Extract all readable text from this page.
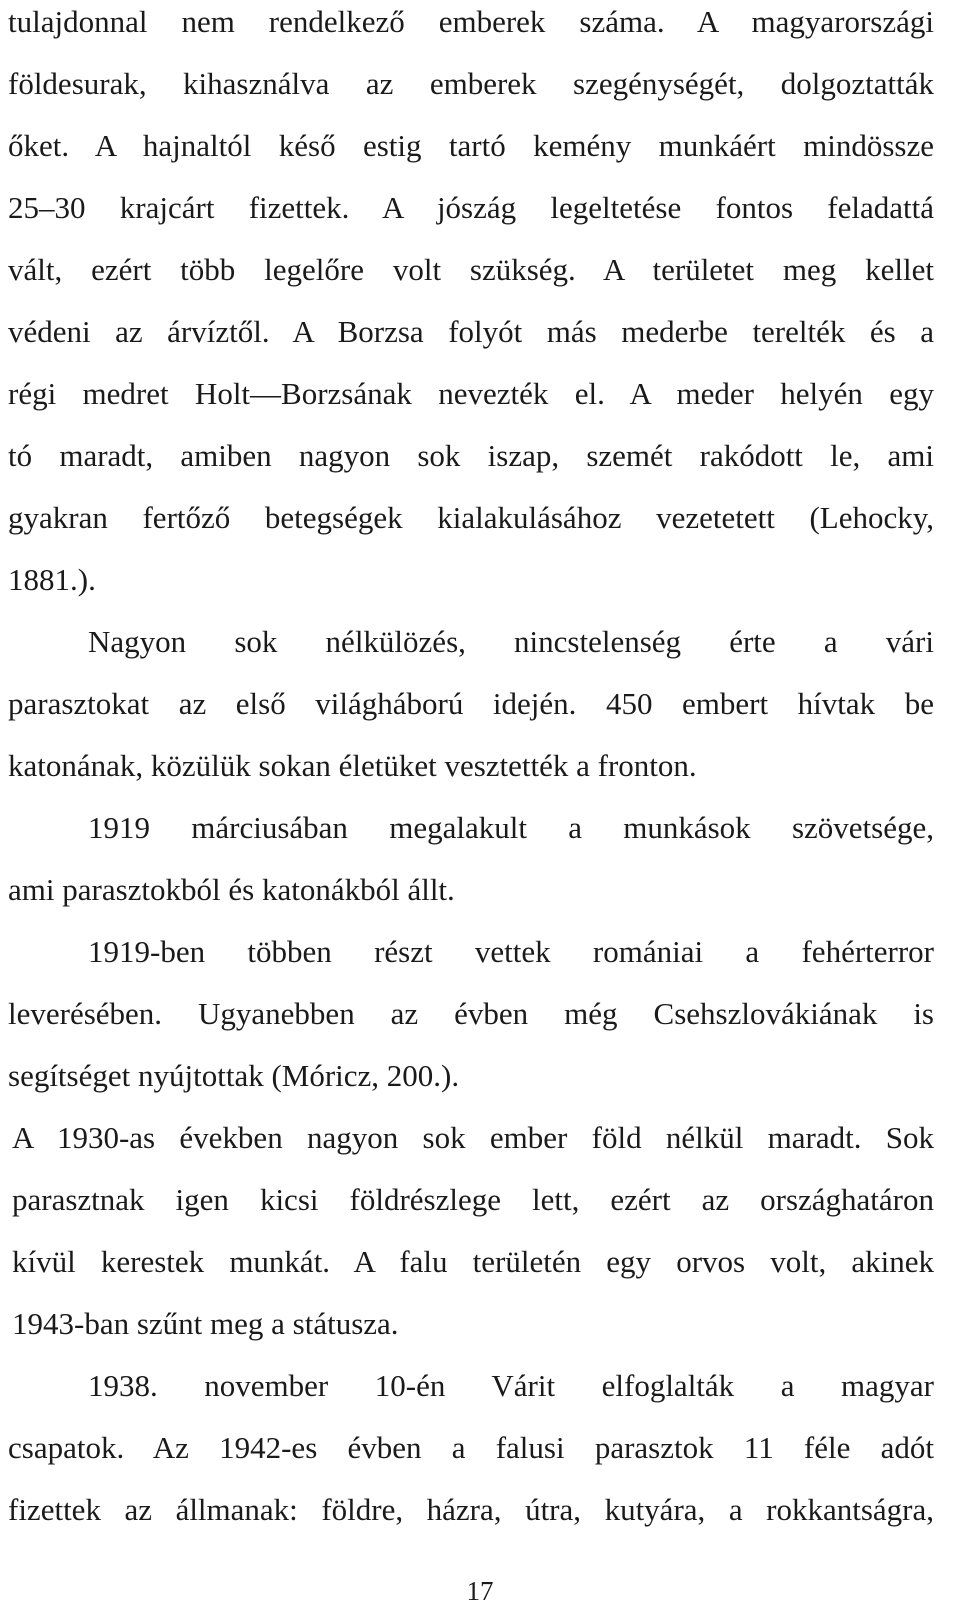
tulajdonnal nem rendelkező emberek száma. A magyarországi
földesurak, kihasználva az emberek szegénységét, dolgoztatták
őket. A hajnaltól késő estig tartó kemény munkáért mindössze
25–30 krajcárt fizettek. A jószág legeltetése fontos feladattá
vált, ezért több legelőre volt szükség. A területet meg kellet
védeni az árvíztől. A Borzsa folyót más mederbe terelték és a
régi medret Holt—Borzsának nevezték el. A meder helyén egy
tó maradt, amiben nagyon sok iszap, szemét rakódott le, ami
gyakran fertőző betegségek kialakulásához vezetetett (Lehocky,
1881.).
Nagyon sok nélkülözés, nincstelenség érte a vári
parasztokat az első világháború idején. 450 embert hívtak be
katonának, közülük sokan életüket vesztették a fronton.
1919 márciusában megalakult a munkások szövetsége,
ami parasztokból és katonákból állt.
1919-ben többen részt vettek romániai a fehérterror
leverésében. Ugyanebben az évben még Csehszlovákiának is
segítséget nyújtottak (Móricz, 200.).
A 1930-as években nagyon sok ember föld nélkül maradt. Sok
parasztnak igen kicsi földrészlege lett, ezért az országhatáron
kívül kerestek munkát. A falu területén egy orvos volt, akinek
1943-ban szűnt meg a státusza.
1938. november 10-én Várit elfoglalták a magyar
csapatok. Az 1942-es évben a falusi parasztok 11 féle adót
fizettek az állmanak: földre, házra, útra, kutyára, a rokkantságra,
17
